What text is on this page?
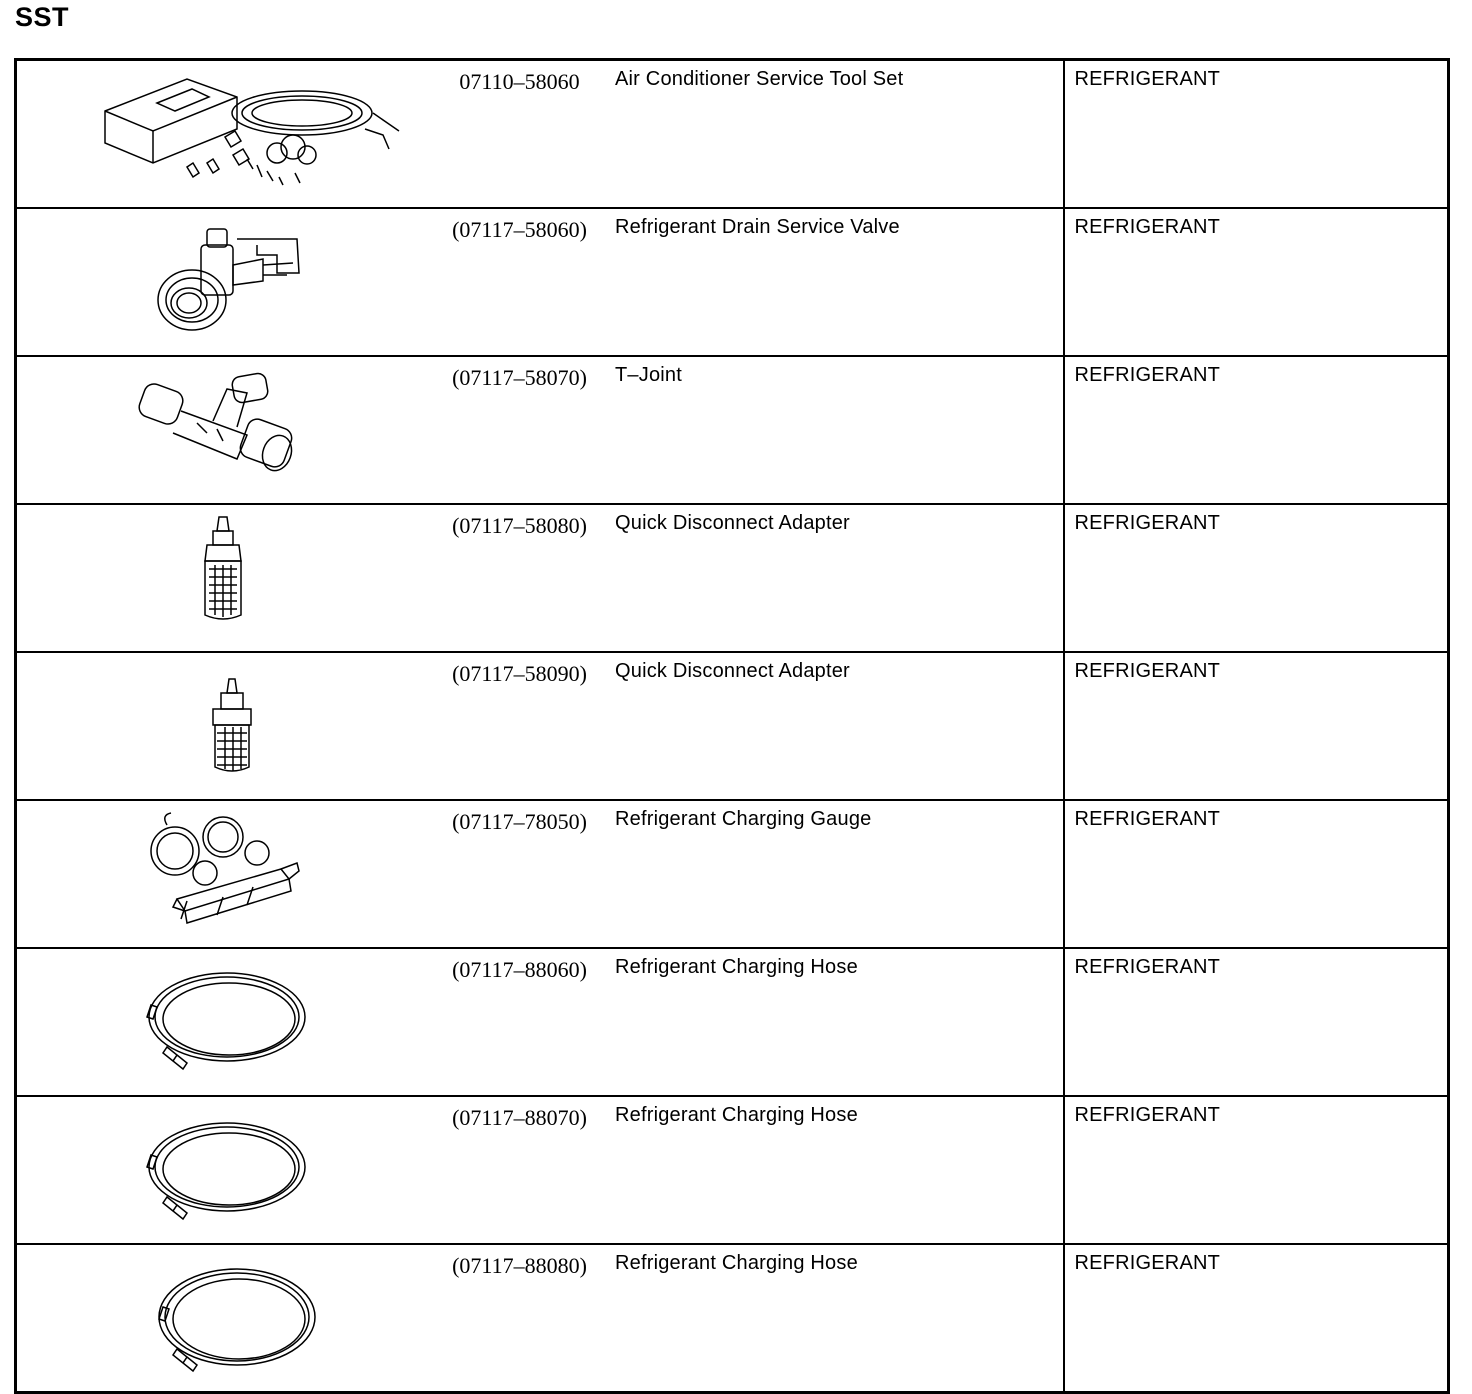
SST
07110–58060 Air Conditioner Service Tool Set	REFRIGERANT

(07117–58060) Refrigerant Drain Service Valve	REFRIGERANT

(07117–58070) T–Joint	REFRIGERANT

(07117–58080) Quick Disconnect Adapter	REFRIGERANT

(07117–58090) Quick Disconnect Adapter	REFRIGERANT

(07117–78050) Refrigerant Charging Gauge	REFRIGERANT

(07117–88060) Refrigerant Charging Hose	REFRIGERANT

(07117–88070) Refrigerant Charging Hose	REFRIGERANT

(07117–88080) Refrigerant Charging Hose	REFRIGERANT
